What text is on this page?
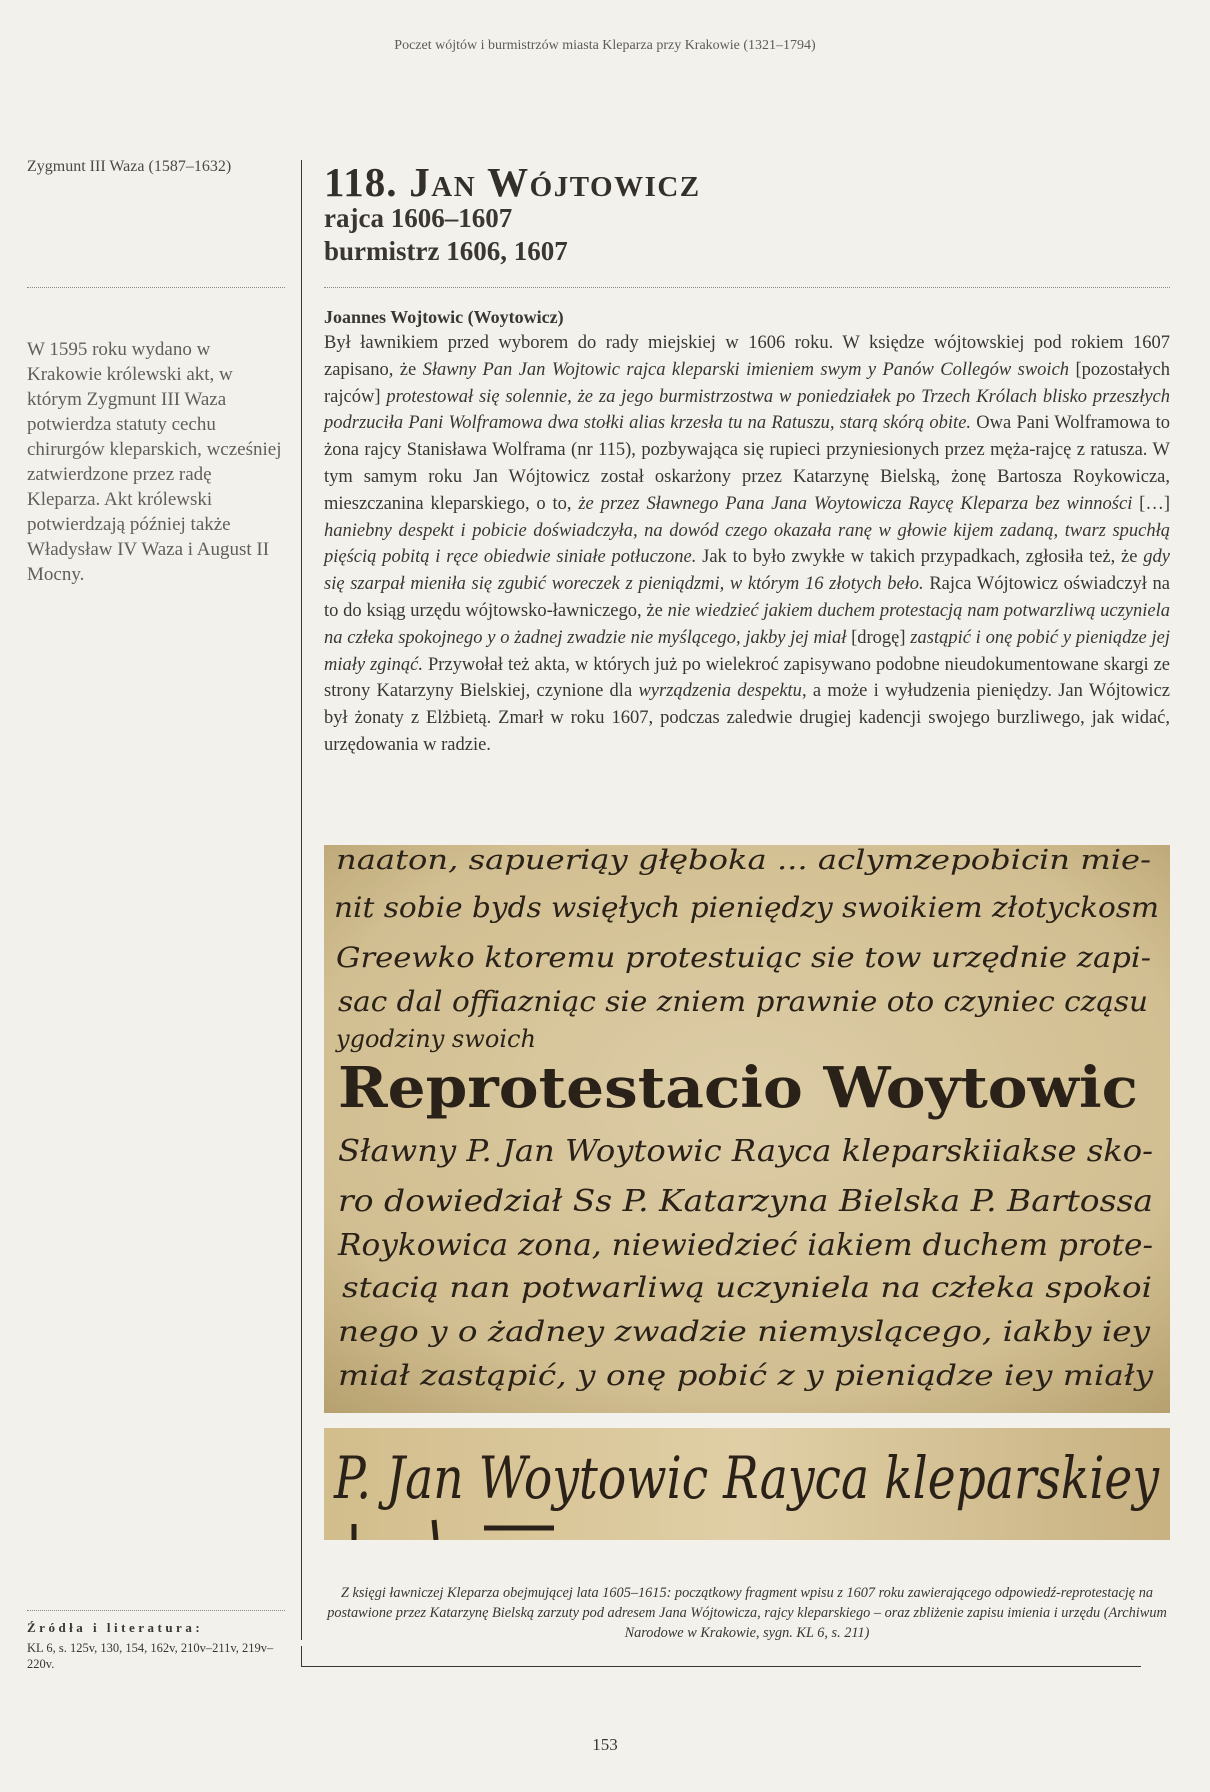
Poczet wójtów i burmistrzów miasta Kleparza przy Krakowie (1321–1794)
Zygmunt III Waza (1587–1632)

W 1595 roku wydano w Krakowie królewski akt, w którym Zygmunt III Waza potwierdza statuty cechu chirurgów kleparskich, wcześniej zatwierdzone przez radę Kleparza. Akt królewski potwierdzają później także Władysław IV Waza i August II Mocny.

Źródła i literatura:

KL 6, s. 125v, 130, 154, 162v, 210v–211v, 219v–220v.

118. Jan Wójtowicz

rajca 1606–1607

burmistrz 1606, 1607

Joannes Wojtowic (Woytowicz)

Był ławnikiem przed wyborem do rady miejskiej w 1606 roku. W księdze wójtowskiej pod rokiem 1607 zapisano, że Sławny Pan Jan Wojtowic rajca kleparski imieniem swym y Panów Collegów swoich [pozostałych rajców] protestował się solennie, że za jego burmistrzostwa w poniedziałek po Trzech Królach blisko przeszłych podrzuciła Pani Wolframowa dwa stołki alias krzesła tu na Ratuszu, starą skórą obite. Owa Pani Wolframowa to żona rajcy Stanisława Wolframa (nr 115), pozbywająca się rupieci przyniesionych przez męża-rajcę z ratusza. W tym samym roku Jan Wójtowicz został oskarżony przez Katarzynę Bielską, żonę Bartosza Roykowicza, mieszczanina kleparskiego, o to, że przez Sławnego Pana Jana Woytowicza Raycę Kleparza bez winności […] haniebny despekt i pobicie doświadczyła, na dowód czego okazała ranę w głowie kijem zadaną, twarz spuchłą pięścią pobitą i ręce obiedwie siniałe potłuczone. Jak to było zwykłe w takich przypadkach, zgłosiła też, że gdy się szarpał mieniła się zgubić woreczek z pieniądzmi, w którym 16 złotych beło. Rajca Wójtowicz oświadczył na to do ksiąg urzędu wójtowsko-ławniczego, że nie wiedzieć jakiem duchem protestacją nam potwarzliwą uczyniela na człeka spokojnego y o żadnej zwadzie nie myślącego, jakby jej miał [drogę] zastąpić i onę pobić y pieniądze jej miały zginąć. Przywołał też akta, w których już po wielekroć zapisywano podobne nieudokumentowane skargi ze strony Katarzyny Bielskiej, czynione dla wyrządzenia despektu, a może i wyłudzenia pieniędzy. Jan Wójtowicz był żonaty z Elżbietą. Zmarł w roku 1607, podczas zaledwie drugiej kadencji swojego burzliwego, jak widać, urzędowania w radzie.

naaton, sapueriąy głęboka ... aclymzepobicin mie-
nit sobie byds wsięłych pieniędzy swoikiem złotyckosm
Greewko ktoremu protestuiąc sie tow urzędnie zapi-
sac dal offiazniąc sie zniem prawnie oto czyniec cząsu
ygodziny swoich
Reprotestacio Woytowic
Sławny P. Jan Woytowic Rayca kleparskiiakse sko-
ro dowiedział Ss P. Katarzyna Bielska P. Bartossa
Roykowica zona, niewiedzieć iakiem duchem prote-
stacią nan potwarliwą uczyniela na człeka spokoi
nego y o żadney zwadzie niemyslącego, iakby iey
miał zastąpić, y onę pobić z y pieniądze iey miały
P. Jan Woytowic Rayca kleparskiey

Z księgi ławniczej Kleparza obejmującej lata 1605–1615: początkowy fragment wpisu z 1607 roku zawierającego odpowiedź-reprotestację na postawione przez Katarzynę Bielską zarzuty pod adresem Jana Wójtowicza, rajcy kleparskiego – oraz zbliżenie zapisu imienia i urzędu (Archiwum Narodowe w Krakowie, sygn. KL 6, s. 211)

153
